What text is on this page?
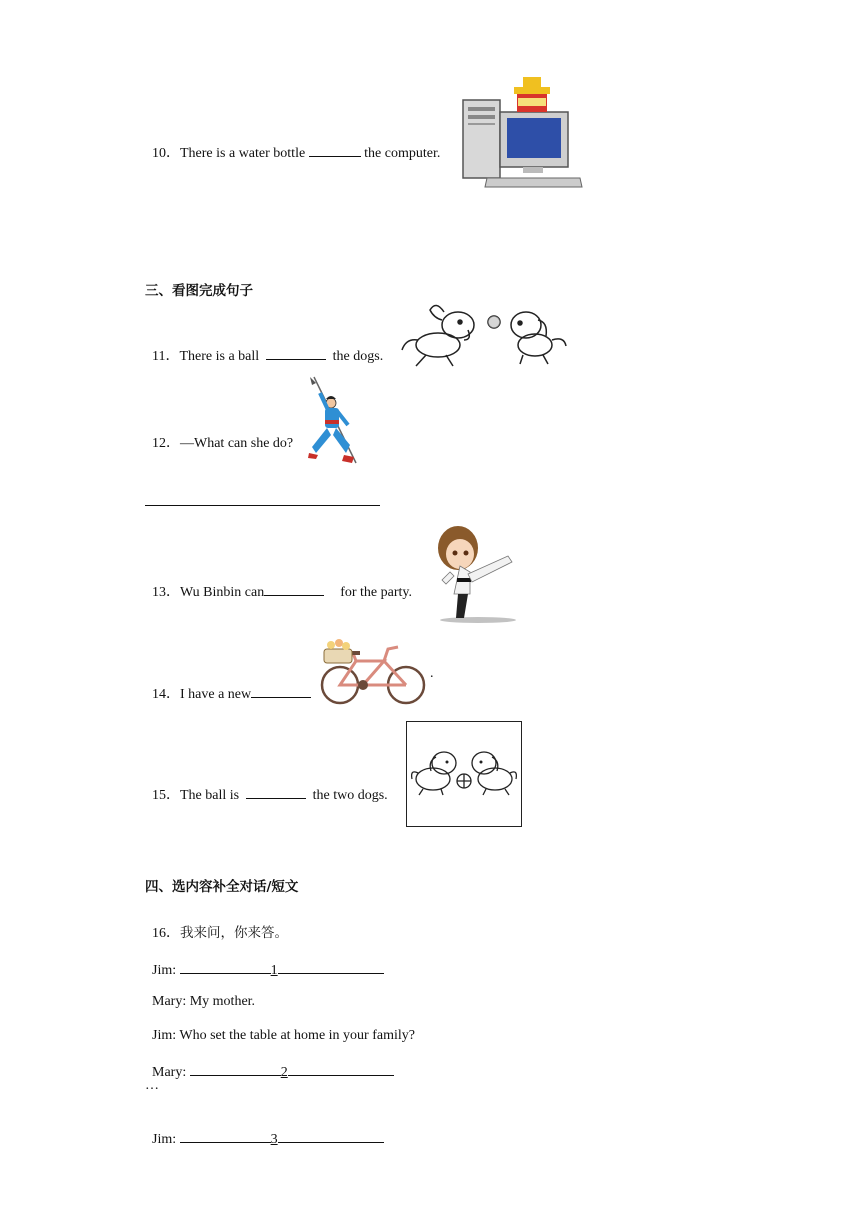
10．There is a water bottle	the computer.

三、看图完成句子

11．There is a ball	the dogs.

12．—What can she do?

13．Wu Binbin can	for the party.

14．I have a new

.

15．The ball is	the two dogs.

四、选内容补全对话/短文

16．我来问，你来答。

Jim:	1

Mary: My mother.

Jim: Who set the table at home in your family?

Mary:	2

…

Jim:	3
